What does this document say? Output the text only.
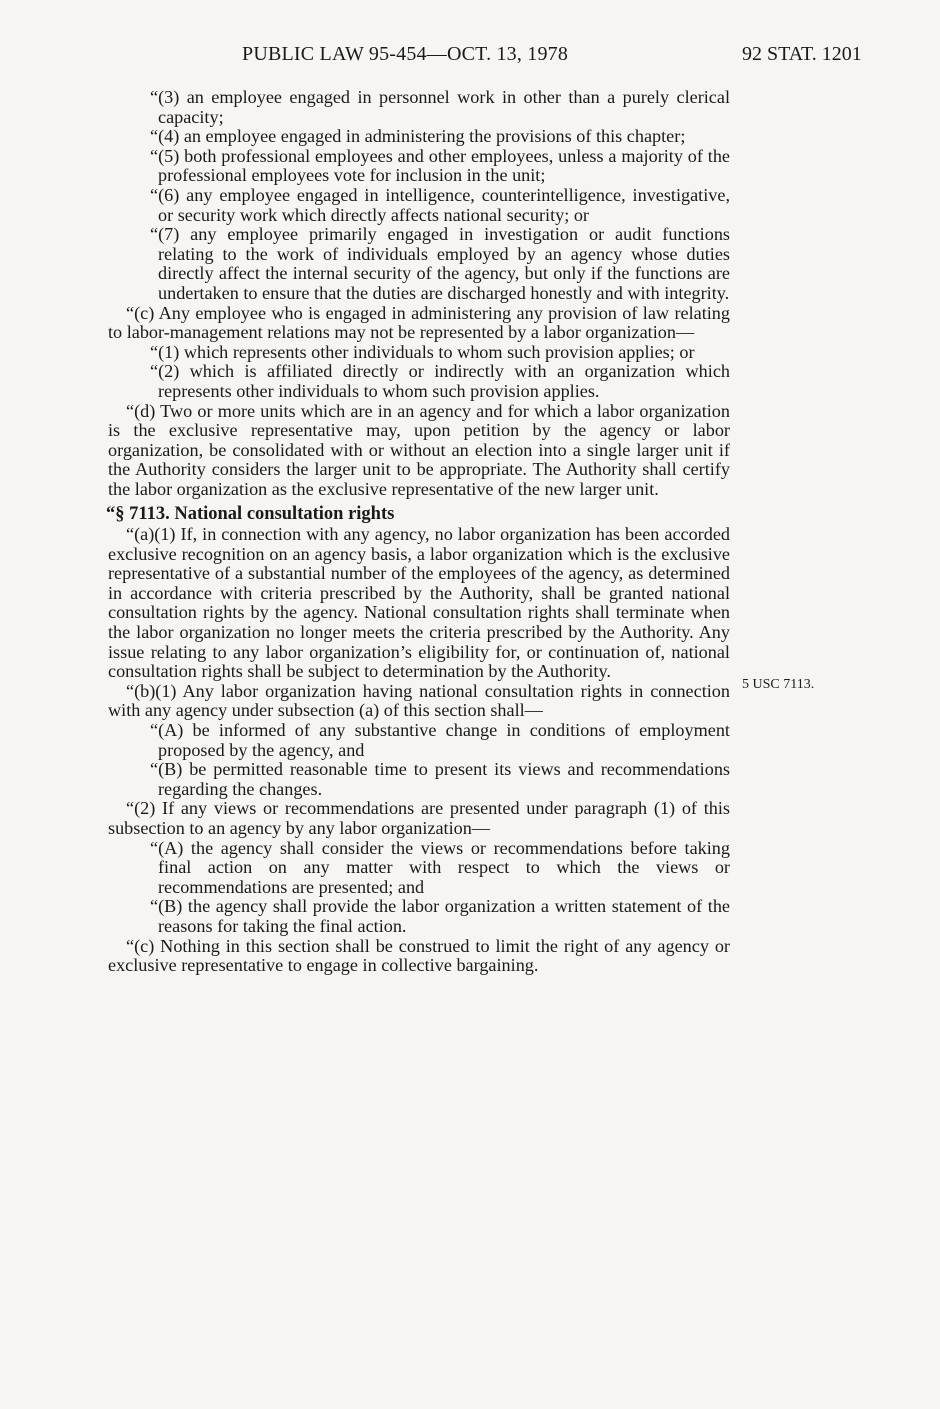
PUBLIC LAW 95-454—OCT. 13, 1978	92 STAT. 1201
5 USC 7113.

“(3) an employee engaged in personnel work in other than a purely clerical capacity;

“(4) an employee engaged in administering the provisions of this chapter;

“(5) both professional employees and other employees, unless a majority of the professional employees vote for inclusion in the unit;

“(6) any employee engaged in intelligence, counterintelligence, investigative, or security work which directly affects national security; or

“(7) any employee primarily engaged in investigation or audit functions relating to the work of individuals employed by an agency whose duties directly affect the internal security of the agency, but only if the functions are undertaken to ensure that the duties are discharged honestly and with integrity.

“(c) Any employee who is engaged in administering any provision of law relating to labor-management relations may not be represented by a labor organization—

“(1) which represents other individuals to whom such provision applies; or

“(2) which is affiliated directly or indirectly with an organization which represents other individuals to whom such provision applies.

“(d) Two or more units which are in an agency and for which a labor organization is the exclusive representative may, upon petition by the agency or labor organization, be consolidated with or without an election into a single larger unit if the Authority considers the larger unit to be appropriate. The Authority shall certify the labor organization as the exclusive representative of the new larger unit.

“§ 7113. National consultation rights

“(a)(1) If, in connection with any agency, no labor organization has been accorded exclusive recognition on an agency basis, a labor organization which is the exclusive representative of a substantial number of the employees of the agency, as determined in accordance with criteria prescribed by the Authority, shall be granted national consultation rights by the agency. National consultation rights shall terminate when the labor organization no longer meets the criteria prescribed by the Authority. Any issue relating to any labor organization’s eligibility for, or continuation of, national consultation rights shall be subject to determination by the Authority.

“(b)(1) Any labor organization having national consultation rights in connection with any agency under subsection (a) of this section shall—

“(A) be informed of any substantive change in conditions of employment proposed by the agency, and

“(B) be permitted reasonable time to present its views and recommendations regarding the changes.

“(2) If any views or recommendations are presented under paragraph (1) of this subsection to an agency by any labor organization—

“(A) the agency shall consider the views or recommendations before taking final action on any matter with respect to which the views or recommendations are presented; and

“(B) the agency shall provide the labor organization a written statement of the reasons for taking the final action.

“(c) Nothing in this section shall be construed to limit the right of any agency or exclusive representative to engage in collective bargaining.
